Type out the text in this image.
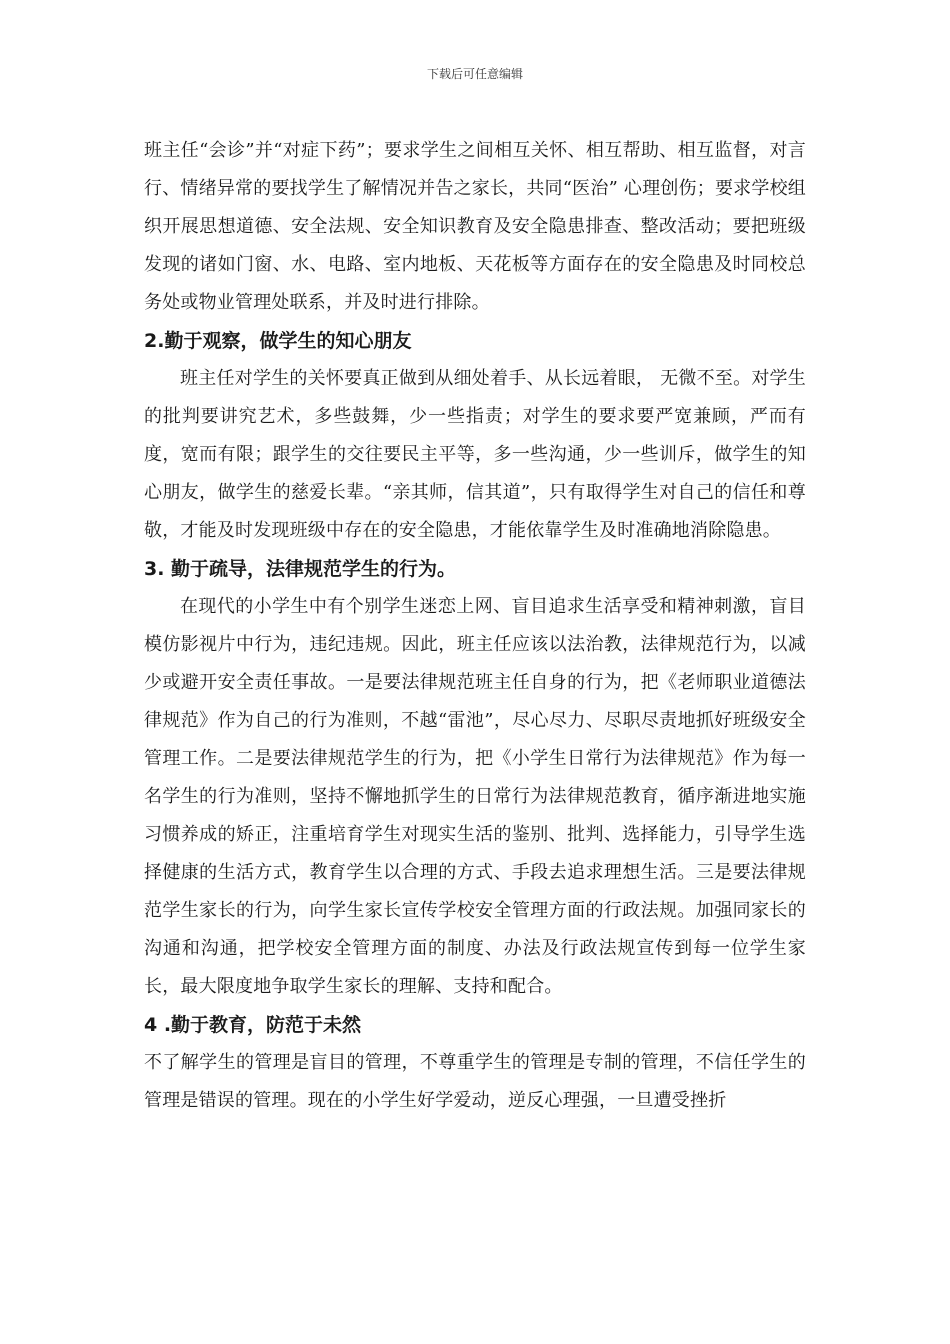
下载后可任意编辑

班主任“会诊”并“对症下药”；要求学生之间相互关怀、相互帮助、相互监督，对言行、情绪异常的要找学生了解情况并告之家长，共同“医治” 心理创伤；要求学校组织开展思想道德、安全法规、安全知识教育及安全隐患排查、整改活动；要把班级发现的诸如门窗、水、电路、室内地板、天花板等方面存在的安全隐患及时同校总务处或物业管理处联系，并及时进行排除。

2.勤于观察，做学生的知心朋友

班主任对学生的关怀要真正做到从细处着手、从长远着眼， 无微不至。对学生的批判要讲究艺术，多些鼓舞，少一些指责；对学生的要求要严宽兼顾，严而有度，宽而有限；跟学生的交往要民主平等，多一些沟通，少一些训斥，做学生的知心朋友，做学生的慈爱长辈。“亲其师，信其道”，只有取得学生对自己的信任和尊敬，才能及时发现班级中存在的安全隐患，才能依靠学生及时准确地消除隐患。

3. 勤于疏导，法律规范学生的行为。

在现代的小学生中有个别学生迷恋上网、盲目追求生活享受和精神刺激，盲目模仿影视片中行为，违纪违规。因此，班主任应该以法治教，法律规范行为，以减少或避开安全责任事故。一是要法律规范班主任自身的行为，把《老师职业道德法律规范》作为自己的行为准则，不越“雷池”，尽心尽力、尽职尽责地抓好班级安全管理工作。二是要法律规范学生的行为，把《小学生日常行为法律规范》作为每一名学生的行为准则，坚持不懈地抓学生的日常行为法律规范教育，循序渐进地实施习惯养成的矫正，注重培育学生对现实生活的鉴别、批判、选择能力，引导学生选择健康的生活方式，教育学生以合理的方式、手段去追求理想生活。三是要法律规范学生家长的行为，向学生家长宣传学校安全管理方面的行政法规。加强同家长的沟通和沟通，把学校安全管理方面的制度、办法及行政法规宣传到每一位学生家长，最大限度地争取学生家长的理解、支持和配合。

4 .勤于教育，防范于未然

不了解学生的管理是盲目的管理，不尊重学生的管理是专制的管理，不信任学生的管理是错误的管理。现在的小学生好学爱动，逆反心理强，一旦遭受挫折
